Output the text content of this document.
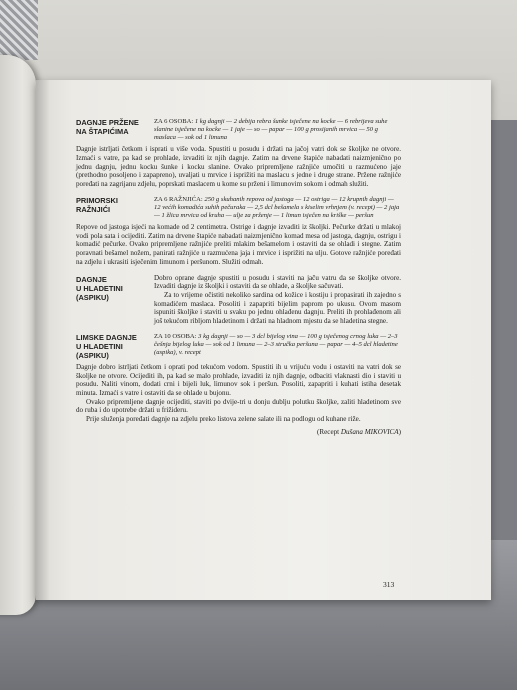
DAGNJE PRŽENE
NA ŠTAPIĆIMA
ZA 6 OSOBA: 1 kg dagnji — 2 debija rebra šunke isječene na kocke — 6 rebrijeva suhe slanine isječene na kocke — 1 jaje — so — papar — 100 g prosijanih mrvica — 50 g maslaca — sok od 1 limuna

Dagnje istrljati četkom i isprati u više voda. Spustiti u posudu i držati na jačoj vatri dok se školjke ne otvore. Izmaći s vatre, pa kad se prohlade, izvaditi iz njih dagnje. Zatim na drvene štapiće nabadati naizmjenično po jednu dagnju, jednu kocku šunke i kocku slanine. Ovako pripremljene ražnjiće umočiti u razmućeno jaje (prethodno posoljeno i zapapreno), uvaljati u mrvice i isprižiti na maslacu s jedne i druge strane. Pržene ražnjiće poređati na zagrijanu zdjelu, poprskati maslacem u kome su prženi i limunovim sokom i odmah služiti.

PRIMORSKI
RAŽNJIĆI
ZA 6 RAŽNJIĆA: 250 g skuhanih repova od jastoga — 12 ostriga — 12 krupnih dagnji — 12 većih komadića suhih pečuraka — 2,5 dcl bešamela s kiselim vrhnjem (v. recept) — 2 jaja — 1 žlica mrvica od kruha — ulje za prženje — 1 limun isječen na kriške — peršun

Repove od jastoga isjeći na komade od 2 centimetra. Ostrige i dagnje izvaditi iz školjki. Pečurke držati u mlakoj vodi pola sata i ocijediti. Zatim na drvene štapiće nabadati naizmjenično komad mesa od jastoga, dagnju, ostrigu i komadić pečurke. Ovako pripremljene ražnjiće preliti mlakim bešamelom i ostaviti da se ohladi i stegne. Zatim poravnati bešamel nožem, panirati ražnjiće u razmućena jaja i mrvice i isprižiti na ulju. Gotove ražnjiće poređati na zdjelu i ukrasiti isječenim limunom i peršunom. Služiti odmah.

DAGNJE
U HLADETINI
(ASPIKU)

Dobro oprane dagnje spustiti u posudu i staviti na jaču vatru da se školjke otvore. Izvaditi dagnje iz školjki i ostaviti da se ohlade, a školjke sačuvati.

Za to vrijeme očistiti nekoliko sardina od kožice i kostiju i propasirati ih zajedno s komadićem maslaca. Posoliti i zapapriti bijelim paprom po ukusu. Ovom masom ispuniti školjke i staviti u svaku po jednu ohlađenu dagnju. Preliti ih prohlađenom ali još tekućom ribljom hladetinom i držati na hladnom mjestu da se hladetina stegne.

LIMSKE DAGNJE
U HLADETINI
(ASPIKU)
ZA 10 OSOBA: 3 kg dagnji — so — 3 dcl bijelog vina — 100 g isječenog crnog luka — 2–3 češnja bijelog luka — sok od 1 limuna — 2–3 stručka peršuna — papar — 4–5 dcl hladetine (aspika), v. recept

Dagnje dobro istrljati četkom i oprati pod tekućom vodom. Spustiti ih u vrijuću vodu i ostaviti na vatri dok se školjke ne otvore. Ocijediti ih, pa kad se malo prohlade, izvaditi iz njih dagnje, odbaciti vlaknasti dio i staviti u posudu. Naliti vinom, dodati crni i bijeli luk, limunov sok i peršun. Posoliti, zapapriti i kuhati istiha desetak minuta. Izmaći s vatre i ostaviti da se ohlade u bujonu.

Ovako pripremljene dagnje ocijediti, staviti po dvije-tri u donju dublju polutku školjke, zaliti hladetinom sve do ruba i do upotrebe držati u frižideru.

Prije služenja poređati dagnje na zdjelu preko listova zelene salate ili na podlogu od kuhane riže.

(Recept Dušana MIKOVICA)
313
